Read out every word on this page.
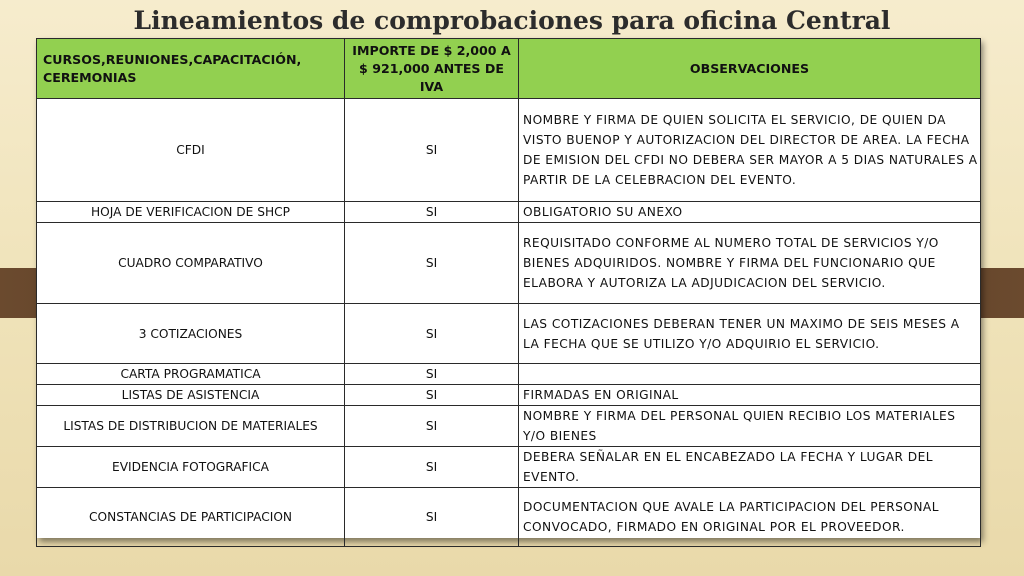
Lineamientos de comprobaciones para oficina Central
CURSOS,REUNIONES,CAPACITACIÓN, CEREMONIAS	IMPORTE DE $ 2,000 A $ 921,000 ANTES DE IVA	OBSERVACIONES
CFDI	SI	NOMBRE Y FIRMA DE QUIEN SOLICITA EL SERVICIO, DE QUIEN DA VISTO BUENOP Y AUTORIZACION DEL DIRECTOR DE AREA. LA FECHA DE EMISION DEL CFDI NO DEBERA SER MAYOR A 5 DIAS NATURALES A PARTIR DE LA CELEBRACION DEL EVENTO.
HOJA DE VERIFICACION DE SHCP	SI	OBLIGATORIO SU ANEXO
CUADRO COMPARATIVO	SI	REQUISITADO CONFORME AL NUMERO TOTAL DE SERVICIOS Y/O BIENES ADQUIRIDOS. NOMBRE Y FIRMA DEL FUNCIONARIO QUE ELABORA Y AUTORIZA LA ADJUDICACION DEL SERVICIO.
3 COTIZACIONES	SI	LAS COTIZACIONES DEBERAN TENER UN MAXIMO DE SEIS MESES A LA FECHA QUE SE UTILIZO Y/O ADQUIRIO EL SERVICIO.
CARTA PROGRAMATICA	SI	
LISTAS DE ASISTENCIA	SI	FIRMADAS EN ORIGINAL
LISTAS DE DISTRIBUCION DE MATERIALES	SI	NOMBRE Y FIRMA DEL PERSONAL QUIEN RECIBIO LOS MATERIALES Y/O BIENES
EVIDENCIA FOTOGRAFICA	SI	DEBERA SEÑALAR EN EL ENCABEZADO LA FECHA Y LUGAR DEL EVENTO.
CONSTANCIAS DE PARTICIPACION	SI	DOCUMENTACION QUE AVALE LA PARTICIPACION DEL PERSONAL CONVOCADO, FIRMADO EN ORIGINAL POR EL PROVEEDOR.
